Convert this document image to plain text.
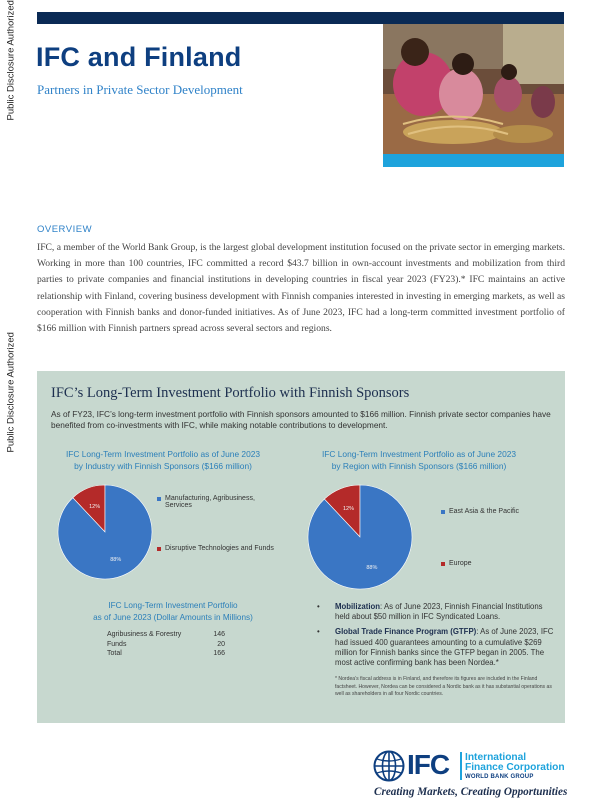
Public Disclosure Authorized
Public Disclosure Authorized
IFC and Finland
Partners in Private Sector Development
OVERVIEW
IFC, a member of the World Bank Group, is the largest global development institution focused on the private sector in emerging markets. Working in more than 100 countries, IFC committed a record $43.7 billion in own-account investments and mobilization from third parties to private companies and financial institutions in developing countries in fiscal year 2023 (FY23).* IFC maintains an active relationship with Finland, covering business development with Finnish companies interested in investing in emerging markets, as well as cooperation with Finnish banks and donor-funded initiatives. As of June 2023, IFC had a long-term committed investment portfolio of $166 million with Finnish partners spread across several sectors and regions.
IFC’s Long-Term Investment Portfolio with Finnish Sponsors
As of FY23, IFC’s long-term investment portfolio with Finnish sponsors amounted to $166 million. Finnish private sector companies have benefited from co-investments with IFC, while making notable contributions to development.
IFC Long-Term Investment Portfolio as of June 2023
by Industry with Finnish Sponsors ($166 million)
IFC Long-Term Investment Portfolio as of June 2023
by Region with Finnish Sponsors ($166 million)
12%
88%
12%
88%
Manufacturing, Agribusiness, Services
Disruptive Technologies and Funds
East Asia & the Pacific
Europe
IFC Long-Term Investment Portfolio
as of June 2023 (Dollar Amounts in Millions)
Agribusiness & Forestry	146
Funds	20
Total	166
• Mobilization: As of June 2023, Finnish Financial Institutions held about $50 million in IFC Syndicated Loans.
• Global Trade Finance Program (GTFP): As of June 2023, IFC had issued 400 guarantees amounting to a cumulative $269 million for Finnish banks since the GTFP began in 2005. The most active confirming bank has been Nordea.*
* Nordea’s fiscal address is in Finland, and therefore its figures are included in the Finland factsheet. However, Nordea can be considered a Nordic bank as it has substantial operations as well as shareholders in all four Nordic countries.
IFC International
Finance Corporation
WORLD BANK GROUP
Creating Markets, Creating Opportunities
